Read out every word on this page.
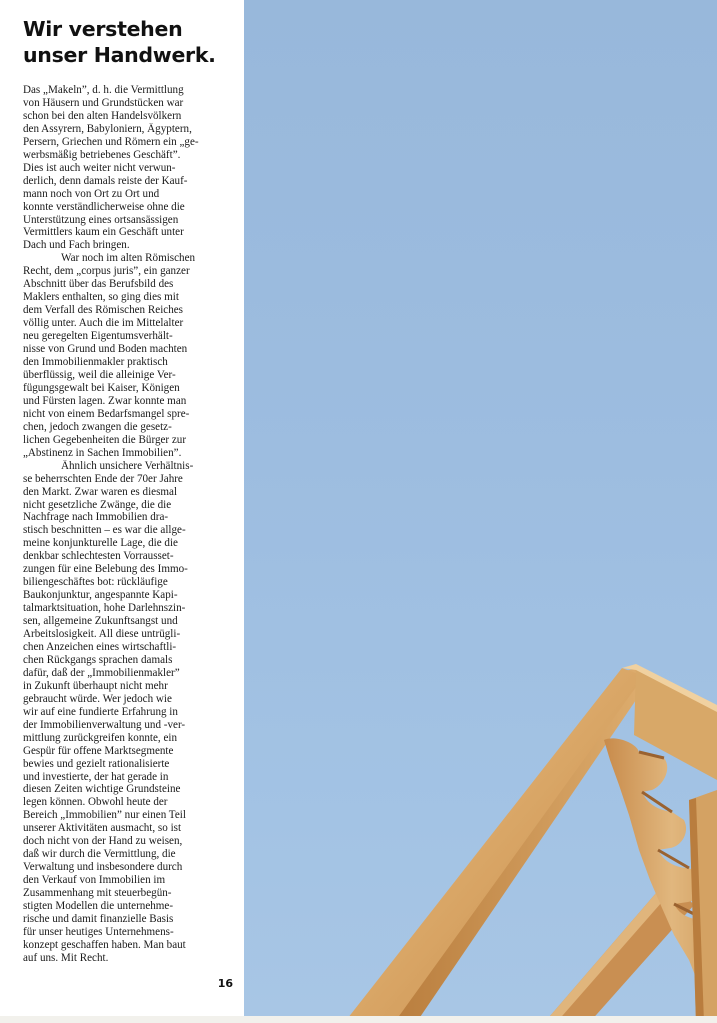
Wir verstehen
unser Handwerk.
Das „Makeln”, d. h. die Vermittlung
von Häusern und Grundstücken war
schon bei den alten Handelsvölkern
den Assyrern, Babyloniern, Ägyptern,
Persern, Griechen und Römern ein „ge-
werbsmäßig betriebenes Geschäft”.
Dies ist auch weiter nicht verwun-
derlich, denn damals reiste der Kauf-
mann noch von Ort zu Ort und
konnte verständlicherweise ohne die
Unterstützung eines ortsansässigen
Vermittlers kaum ein Geschäft unter
Dach und Fach bringen.
War noch im alten Römischen
Recht, dem „corpus juris”, ein ganzer
Abschnitt über das Berufsbild des
Maklers enthalten, so ging dies mit
dem Verfall des Römischen Reiches
völlig unter. Auch die im Mittelalter
neu geregelten Eigentumsverhält-
nisse von Grund und Boden machten
den Immobilienmakler praktisch
überflüssig, weil die alleinige Ver-
fügungsgewalt bei Kaiser, Königen
und Fürsten lagen. Zwar konnte man
nicht von einem Bedarfsmangel spre-
chen, jedoch zwangen die gesetz-
lichen Gegebenheiten die Bürger zur
„Abstinenz in Sachen Immobilien”.
Ähnlich unsichere Verhältnis-
se beherrschten Ende der 70er Jahre
den Markt. Zwar waren es diesmal
nicht gesetzliche Zwänge, die die
Nachfrage nach Immobilien dra-
stisch beschnitten – es war die allge-
meine konjunkturelle Lage, die die
denkbar schlechtesten Vorrausset-
zungen für eine Belebung des Immo-
biliengeschäftes bot: rückläufige
Baukonjunktur, angespannte Kapi-
talmarktsituation, hohe Darlehnszin-
sen, allgemeine Zukunftsangst und
Arbeitslosigkeit. All diese untrügli-
chen Anzeichen eines wirtschaftli-
chen Rückgangs sprachen damals
dafür, daß der „Immobilienmakler”
in Zukunft überhaupt nicht mehr
gebraucht würde. Wer jedoch wie
wir auf eine fundierte Erfahrung in
der Immobilienverwaltung und -ver-
mittlung zurückgreifen konnte, ein
Gespür für offene Marktsegmente
bewies und gezielt rationalisierte
und investierte, der hat gerade in
diesen Zeiten wichtige Grundsteine
legen können. Obwohl heute der
Bereich „Immobilien” nur einen Teil
unserer Aktivitäten ausmacht, so ist
doch nicht von der Hand zu weisen,
daß wir durch die Vermittlung, die
Verwaltung und insbesondere durch
den Verkauf von Immobilien im
Zusammenhang mit steuerbegün-
stigten Modellen die unternehme-
rische und damit finanzielle Basis
für unser heutiges Unternehmens-
konzept geschaffen haben. Man baut
auf uns. Mit Recht.
16
